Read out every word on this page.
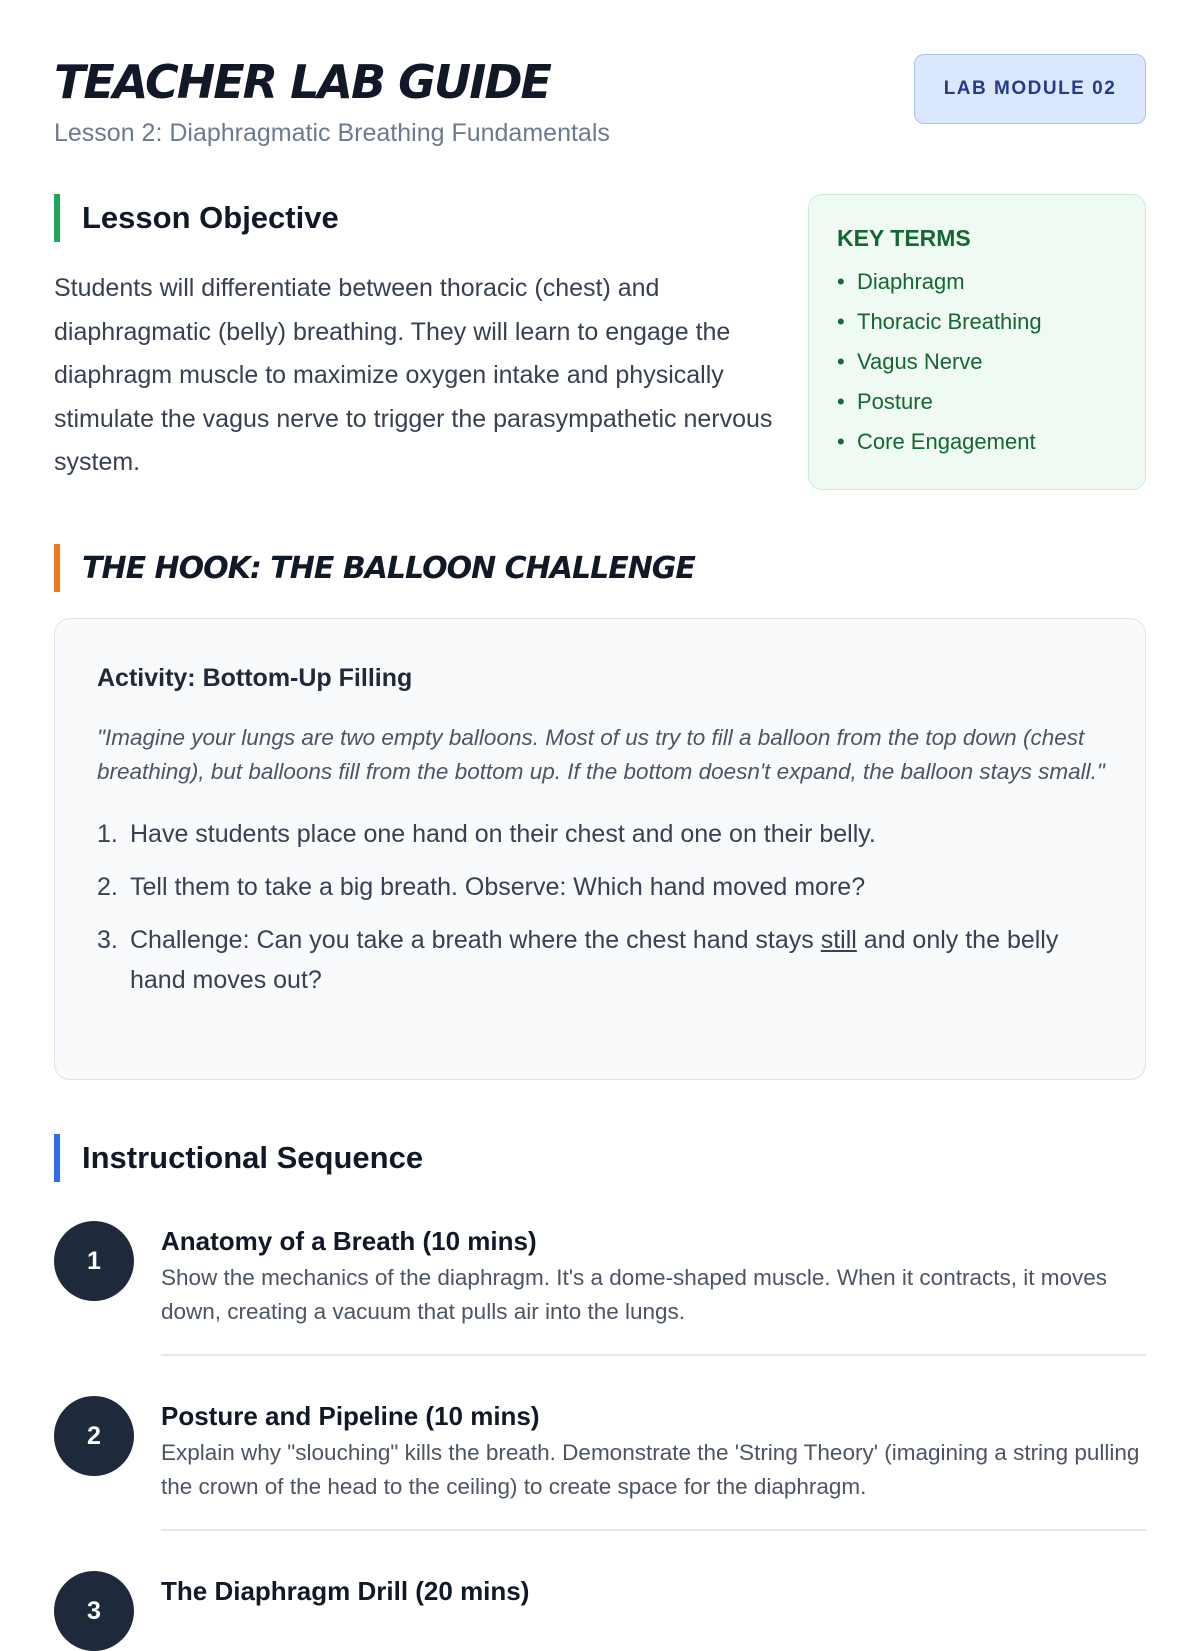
TEACHER LAB GUIDE
Lesson 2: Diaphragmatic Breathing Fundamentals
LAB MODULE 02
Lesson Objective

Students will differentiate between thoracic (chest) and diaphragmatic (belly) breathing. They will learn to engage the diaphragm muscle to maximize oxygen intake and physically stimulate the vagus nerve to trigger the parasympathetic nervous system.

KEY TERMS
• Diaphragm
• Thoracic Breathing
• Vagus Nerve
• Posture
• Core Engagement
THE HOOK: THE BALLOON CHALLENGE
Activity: Bottom-Up Filling

"Imagine your lungs are two empty balloons. Most of us try to fill a balloon from the top down (chest breathing), but balloons fill from the bottom up. If the bottom doesn't expand, the balloon stays small."

1. Have students place one hand on their chest and one on their belly.
2. Tell them to take a big breath. Observe: Which hand moved more?
3. Challenge: Can you take a breath where the chest hand stays still and only the belly hand moves out?
Instructional Sequence
1
Anatomy of a Breath (10 mins)
Show the mechanics of the diaphragm. It's a dome-shaped muscle. When it contracts, it moves down, creating a vacuum that pulls air into the lungs.
2
Posture and Pipeline (10 mins)
Explain why "slouching" kills the breath. Demonstrate the 'String Theory' (imagining a string pulling the crown of the head to the ceiling) to create space for the diaphragm.
3
The Diaphragm Drill (20 mins)
